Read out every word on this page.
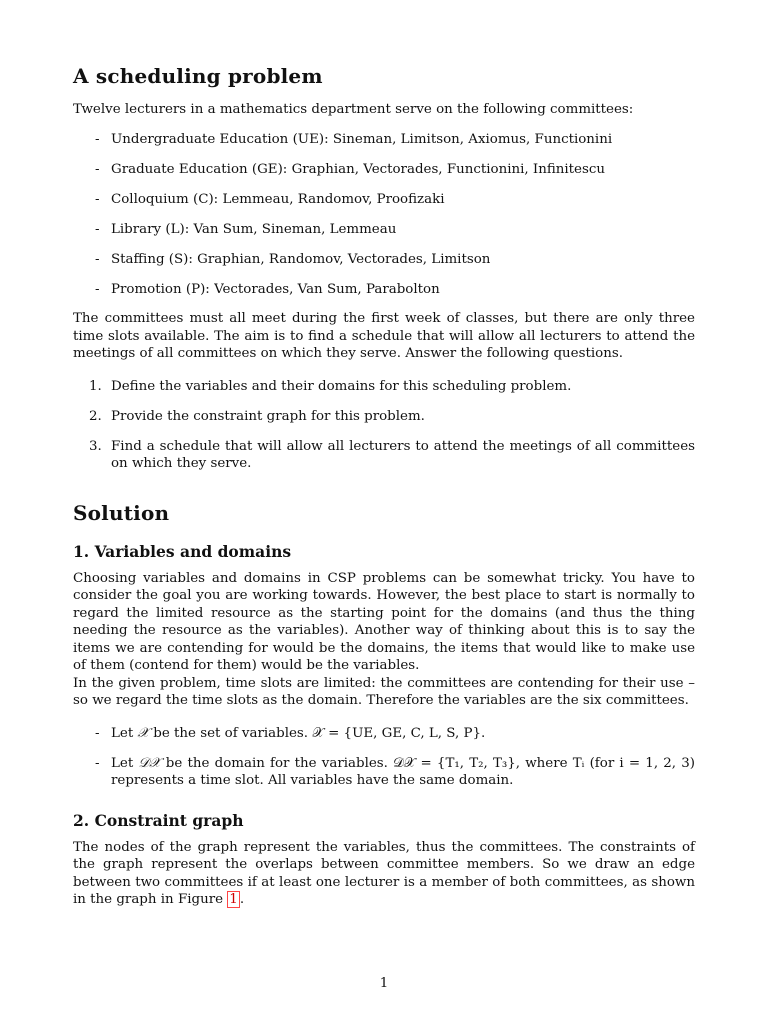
A scheduling problem

Twelve lecturers in a mathematics department serve on the following committees:

- Undergraduate Education (UE): Sineman, Limitson, Axiomus, Functionini
- Graduate Education (GE): Graphian, Vectorades, Functionini, Infinitescu
- Colloquium (C): Lemmeau, Randomov, Proofizaki
- Library (L): Van Sum, Sineman, Lemmeau
- Staffing (S): Graphian, Randomov, Vectorades, Limitson
- Promotion (P): Vectorades, Van Sum, Parabolton

The committees must all meet during the first week of classes, but there are only three time slots available. The aim is to find a schedule that will allow all lecturers to attend the meetings of all committees on which they serve. Answer the following questions.

1. Define the variables and their domains for this scheduling problem.
2. Provide the constraint graph for this problem.
3. Find a schedule that will allow all lecturers to attend the meetings of all committees on which they serve.
Solution
1. Variables and domains

Choosing variables and domains in CSP problems can be somewhat tricky. You have to consider the goal you are working towards. However, the best place to start is normally to regard the limited resource as the starting point for the domains (and thus the thing needing the resource as the variables). Another way of thinking about this is to say the items we are contending for would be the domains, the items that would like to make use of them (contend for them) would be the variables.

In the given problem, time slots are limited: the committees are contending for their use – so we regard the time slots as the domain. Therefore the variables are the six committees.

- Let 𝒳 be the set of variables. 𝒳 = {UE, GE, C, L, S, P}.
- Let 𝒟𝒳 be the domain for the variables. 𝒟𝒳 = {T₁, T₂, T₃}, where Tᵢ (for i = 1, 2, 3) represents a time slot. All variables have the same domain.
2. Constraint graph

The nodes of the graph represent the variables, thus the committees. The constraints of the graph represent the overlaps between committee members. So we draw an edge between two committees if at least one lecturer is a member of both committees, as shown in the graph in Figure 1 .

1
